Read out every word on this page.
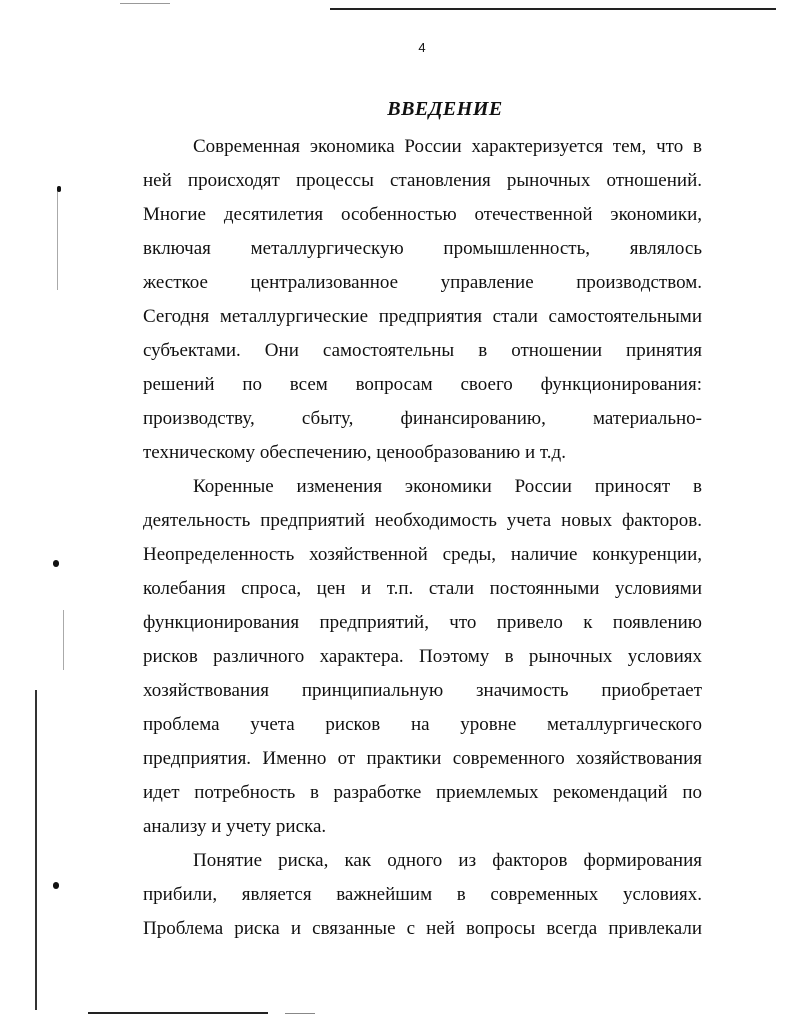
4
ВВЕДЕНИЕ
Современная экономика России характеризуется тем, что в
ней происходят процессы становления рыночных отношений.
Многие десятилетия особенностью отечественной экономики,
включая металлургическую промышленность, являлось
жесткое централизованное управление производством.
Сегодня металлургические предприятия стали самостоятельными
субъектами. Они самостоятельны в отношении принятия
решений по всем вопросам своего функционирования:
производству, сбыту, финансированию, материально-
техническому обеспечению, ценообразованию и т.д.
Коренные изменения экономики России приносят в
деятельность предприятий необходимость учета новых факторов.
Неопределенность хозяйственной среды, наличие конкуренции,
колебания спроса, цен и т.п. стали постоянными условиями
функционирования предприятий, что привело к появлению
рисков различного характера. Поэтому в рыночных условиях
хозяйствования принципиальную значимость приобретает
проблема учета рисков на уровне металлургического
предприятия. Именно от практики современного хозяйствования
идет потребность в разработке приемлемых рекомендаций по
анализу и учету риска.
Понятие риска, как одного из факторов формирования
прибили, является важнейшим в современных условиях.
Проблема риска и связанные с ней вопросы всегда привлекали
